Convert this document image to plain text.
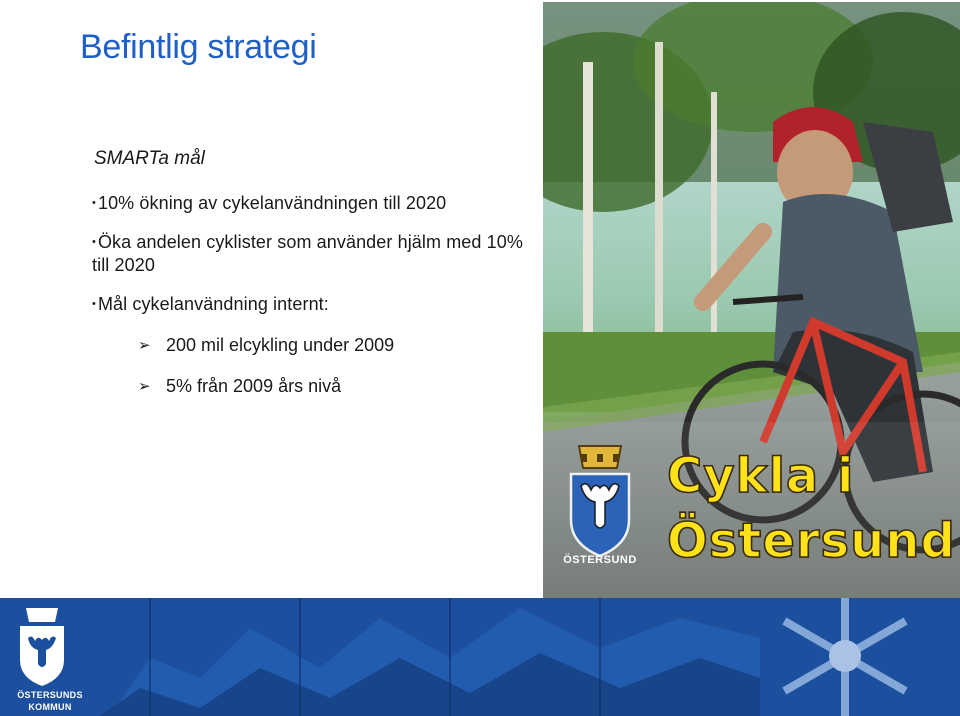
Befintlig strategi

SMARTa mål

• 10% ökning av cykelanvändningen till 2020

• Öka andelen cyklister som använder hjälm med 10% till 2020

• Mål cykelanvändning internt:

➢ 200 mil elcykling under 2009

➢ 5% från 2009 års nivå

ÖSTERSUND
Cykla i
Östersund
ÖSTERSUNDS
KOMMUN
